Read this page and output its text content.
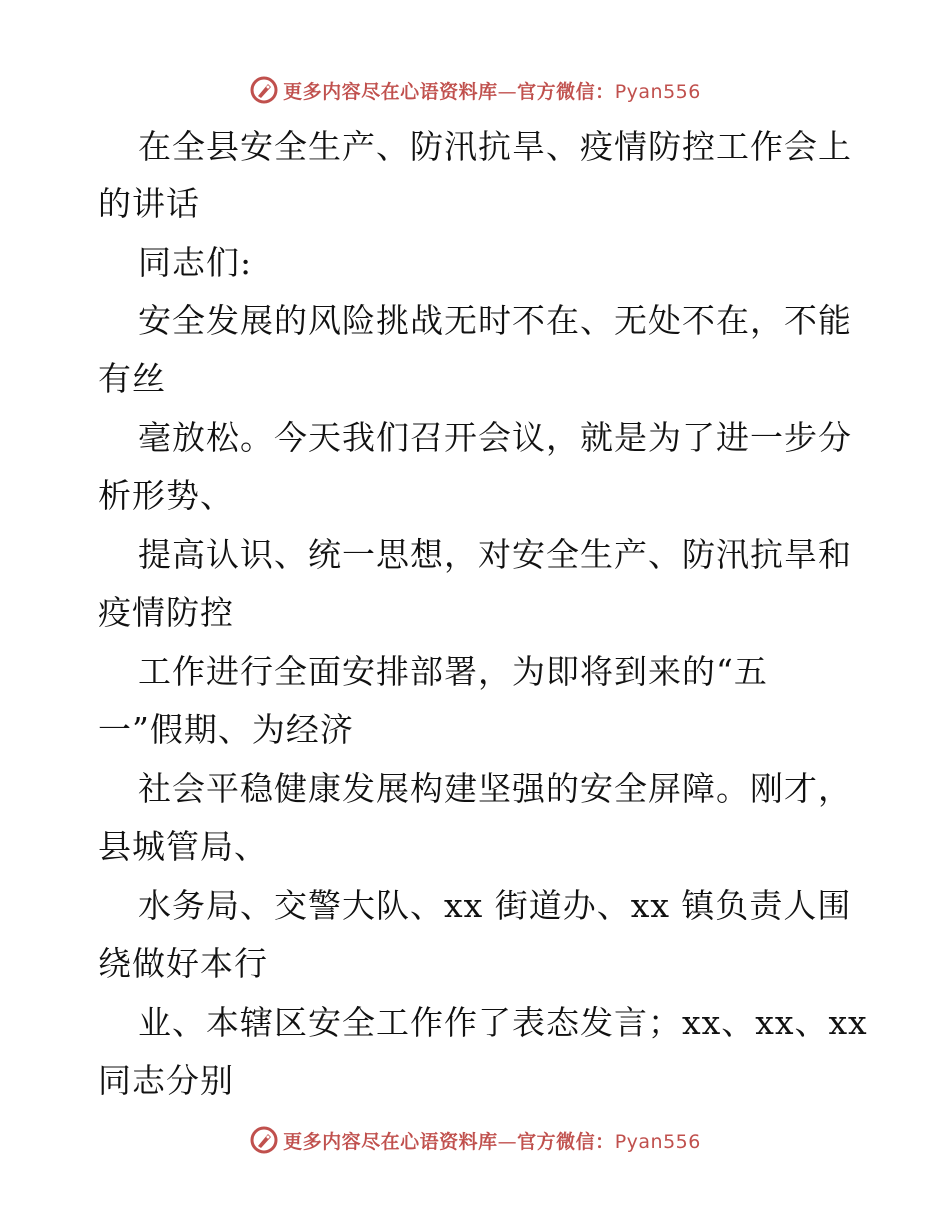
更多内容尽在心语资料库—官方微信：Pyan556
在全县安全生产、防汛抗旱、疫情防控工作会上
的讲话
同志们:
安全发展的风险挑战无时不在、无处不在，不能
有丝
毫放松。今天我们召开会议，就是为了进一步分
析形势、
提高认识、统一思想，对安全生产、防汛抗旱和
疫情防控
工作进行全面安排部署，为即将到来的“五
一”假期、为经济
社会平稳健康发展构建坚强的安全屏障。刚才，
县城管局、
水务局、交警大队、xx 街道办、xx 镇负责人围
绕做好本行
业、本辖区安全工作作了表态发言；xx、xx、xx
同志分别
更多内容尽在心语资料库—官方微信：Pyan556
